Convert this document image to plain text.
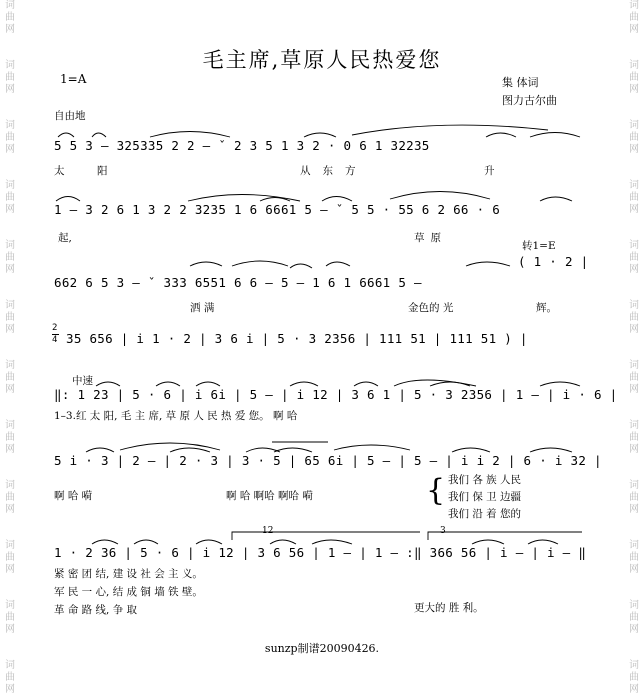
词
曲
网
词
曲
网
词
曲
网
词
曲
网
词
曲
网
词
曲
网
词
曲
网
词
曲
网
词
曲
网
词
曲
网
词
曲
网
词
曲
网
词
曲
网
词
曲
网
词
曲
网
词
曲
网
词
曲
网
词
曲
网
词
曲
网
词
曲
网
词
曲
网
词
曲
网
词
曲
网
词
曲
网
毛主席,草原人民热爱您
1=A	集 体词
图力古尔曲
自由地
5 5 3 – 325335 2 2 – ˇ 2 3 5 1 3 2 · 0 6 1 32235
太	阳	从东方	升
1 – 3 2 6 1 3 2 2 3235 1 6 6661 5 – ˇ 5 5 · 55 6 2 66 · 6
起,	草原
转1=E
( 1 · 2 |
662 6 5 3 – ˇ 333 6551 6 6 – 5 – 1 6 1 6661 5 –
洒 满	金色的 光	辉。
2
4 35 656 | i 1 · 2 | 3 6 i | 5 · 3 2356 | 111 51 | 111 51 ) |
中速
‖: 1 23 | 5 · 6 | i 6i | 5 – | i 12 | 3 6 1 | 5 · 3 2356 | 1 – | i · 6 |
1–3.红 太 阳, 毛 主 席, 草 原 人 民 热 爱 您。 啊 哈
5 i · 3 | 2 – | 2 · 3 | 3 · 5 | 65 6i | 5 – | 5 – | i i 2 | 6 · i 32 |
啊 哈 嗬	啊 哈 啊哈 啊哈 嗬	{ 我们 各 族 人民
我们 保 卫 边疆
我们 沿 着 您的
12	3
1 · 2 36 | 5 · 6 | i 12 | 3 6 56 | 1 – | 1 – :‖ 366 56 | i – | i – ‖
紧 密 团 结, 建 设 社 会 主 义。
军 民 一 心, 结 成 铜 墙 铁 壁。
革 命 路 线, 争 取	更大的 胜 利。
sunzp制谱20090426.
